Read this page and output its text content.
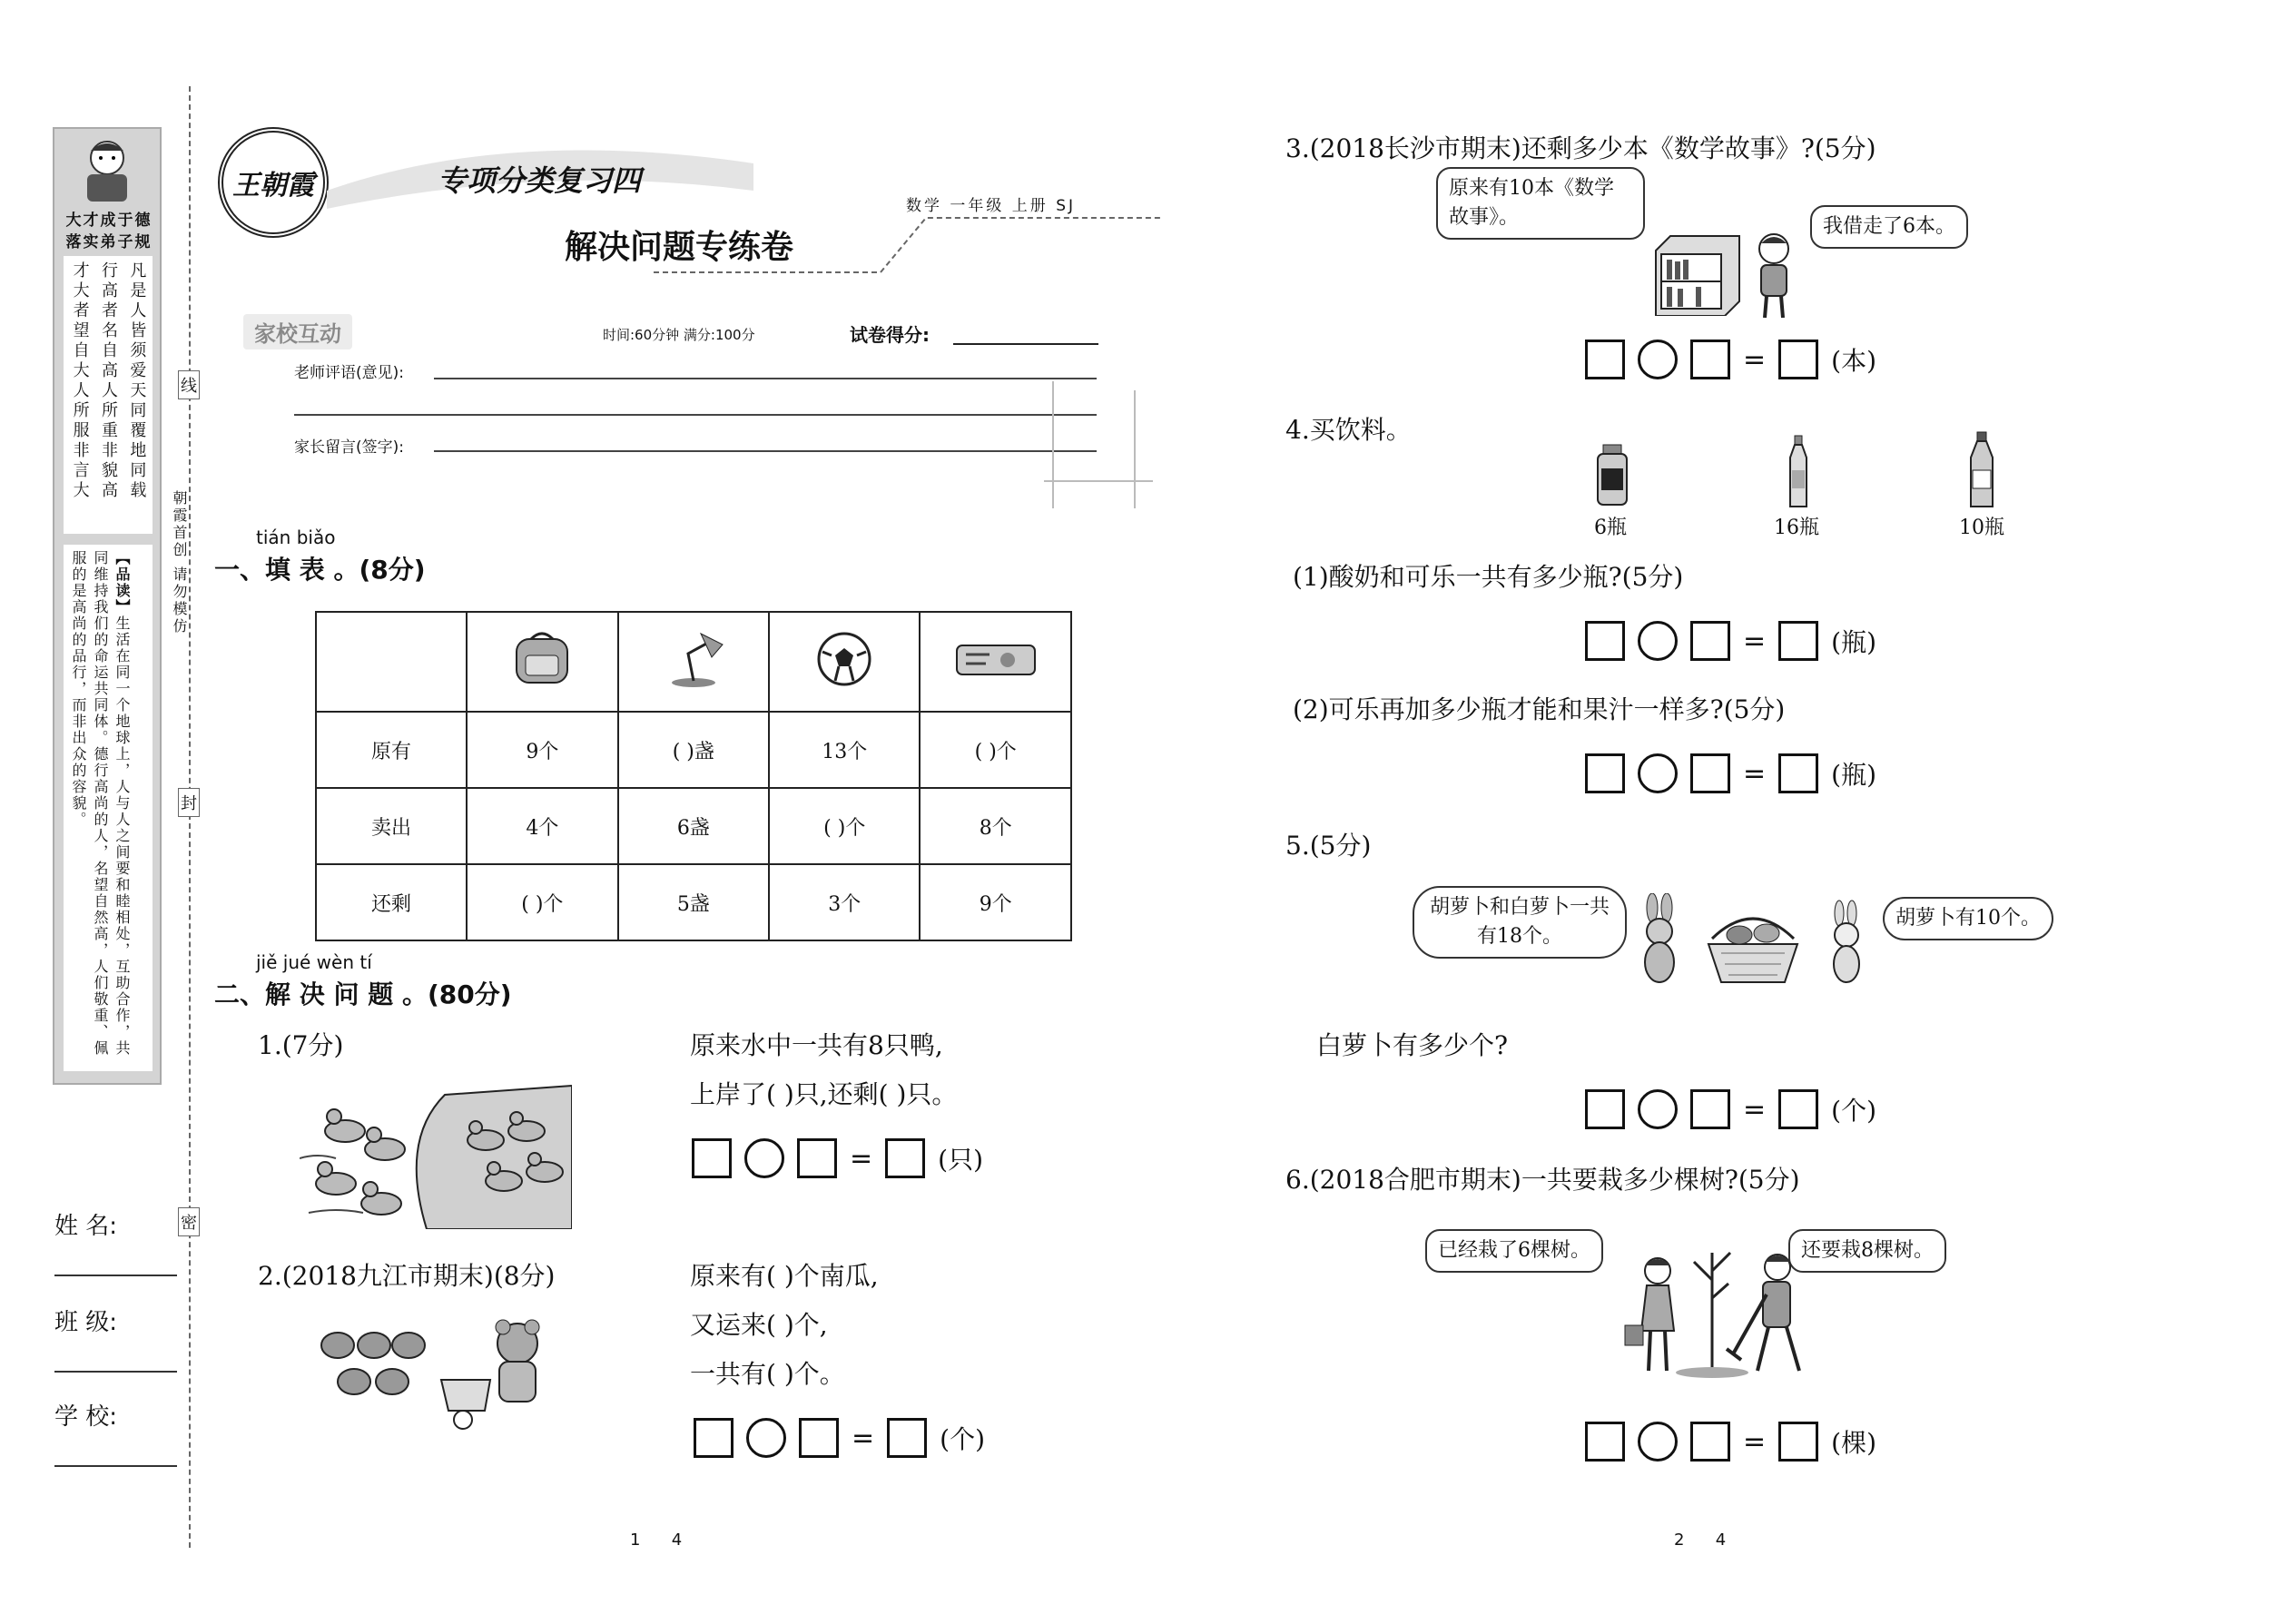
大才成于德
落实弟子规
凡是人皆须爱天同覆地同载
行高者名自高人所重非貌高
才大者望自大人所服非言大
【品读】生活在同一个地球上，人与人之间要和睦相处，互助合作，共同维持我们的命运共同体。德行高尚的人，名望自然高，人们敬重、佩服的是高尚的品行，而非出众的容貌。
姓 名:
班 级:
学 校:
线
封
密
朝霞首创 请勿模仿
王朝霞	专项分类复习四
解决问题专练卷
数学 一年级 上册 SJ
家校互动	时间:60分钟 满分:100分	试卷得分:
老师评语(意见):
家长留言(签字):
tián biǎo
一、填 表 。(8分)

原有	9个	( )盏	13个	( )个
卖出	4个	6盏	( )个	8个
还剩	( )个	5盏	3个	9个
jiě jué wèn tí
二、解 决 问 题 。(80分)
1.(7分)	原来水中一共有8只鸭,
上岸了( )只,还剩( )只。
=	(只)
2.(2018九江市期末)(8分)	原来有( )个南瓜,
又运来( )个,
一共有( )个。
=	(个)
1      4
3.(2018长沙市期末)还剩多少本《数学故事》?(5分)
原来有10本《数学故事》。	我借走了6本。
=	(本)
4.买饮料。
6瓶	16瓶	10瓶
(1)酸奶和可乐一共有多少瓶?(5分)
=	(瓶)
(2)可乐再加多少瓶才能和果汁一样多?(5分)
=	(瓶)
5.(5分)
胡萝卜和白萝卜一共有18个。
胡萝卜有10个。
白萝卜有多少个?
=	(个)
6.(2018合肥市期末)一共要栽多少棵树?(5分)
已经栽了6棵树。	还要栽8棵树。
=	(棵)
2      4
